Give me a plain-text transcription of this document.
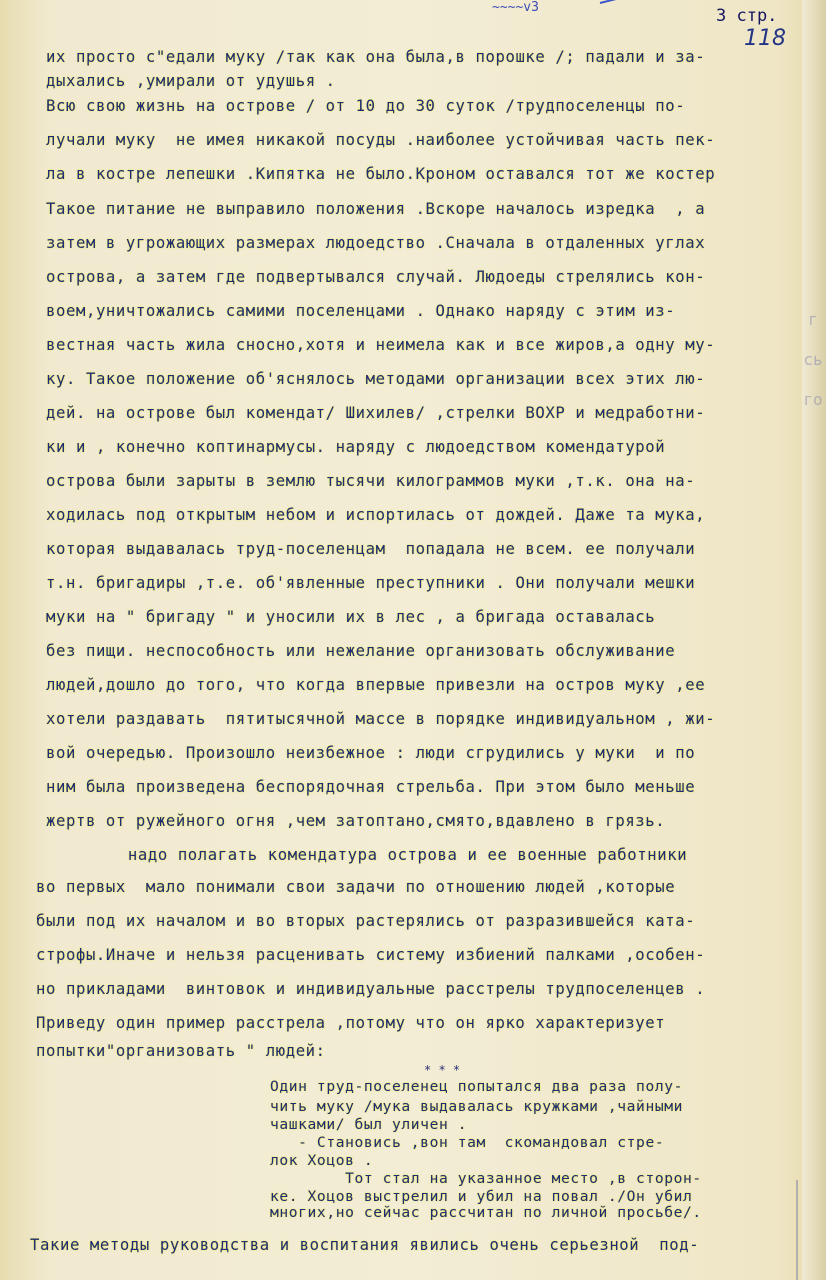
г
сь
го
~~~~v3	3 стр.
118
их просто с"едали муку /так как она была,в порошке /; падали и за-
дыхались ,умирали от удушья .
Всю свою жизнь на острове / от 10 до 30 суток /трудпоселенцы по-
лучали муку  не имея никакой посуды .наиболее устойчивая часть пек-
ла в костре лепешки .Кипятка не было.Кроном оставался тот же костер
Такое питание не выправило положения .Вскоре началось изредка  , а
затем в угрожающих размерах людоедство .Сначала в отдаленных углах
острова, а затем где подвертывался случай. Людоеды стрелялись кон-
воем,уничтожались самими поселенцами . Однако наряду с этим из-
вестная часть жила сносно,хотя и неимела как и все жиров,а одну му-
ку. Такое положение об'яснялось методами организации всех этих лю-
дей. на острове был комендат/ Шихилев/ ,стрелки ВОХР и медработни-
ки и , конечно коптинармусы. наряду с людоедством комендатурой
острова были зарыты в землю тысячи килограммов муки ,т.к. она на-
ходилась под открытым небом и испортилась от дождей. Даже та мука,
которая выдавалась труд-поселенцам  попадала не всем. ее получали
т.н. бригадиры ,т.е. об'явленные преступники . Они получали мешки
муки на " бригаду " и уносили их в лес , а бригада оставалась
без пищи. неспособность или нежелание организовать обслуживание
людей,дошло до того, что когда впервые привезли на остров муку ,ее
хотели раздавать  пятитысячной массе в порядке индивидуальном , жи-
вой очередью. Произошло неизбежное : люди сгрудились у муки  и по
ним была произведена беспорядочная стрельба. При этом было меньше
жертв от ружейного огня ,чем затоптано,смято,вдавлено в грязь.
надо полагать комендатура острова и ее военные работники
во первых  мало понимали свои задачи по отношению людей ,которые
были под их началом и во вторых растерялись от разразившейся ката-
строфы.Иначе и нельзя расценивать систему избиений палками ,особен-
но прикладами  винтовок и индивидуальные расстрелы трудпоселенцев .
Приведу один пример расстрела ,потому что он ярко характеризует
попытки"организовать " людей:
* * *
Один труд-поселенец попытался два раза полу-
чить муку /мука выдавалась кружками ,чайными
чашками/ был уличен .
- Становись ,вон там  скомандовал стре-
лок Хоцов .
Тот стал на указанное место ,в сторон-
ке. Хоцов выстрелил и убил на повал ./Он убил
многих,но сейчас рассчитан по личной просьбе/.
Такие методы руководства и воспитания явились очень серьезной  под-
